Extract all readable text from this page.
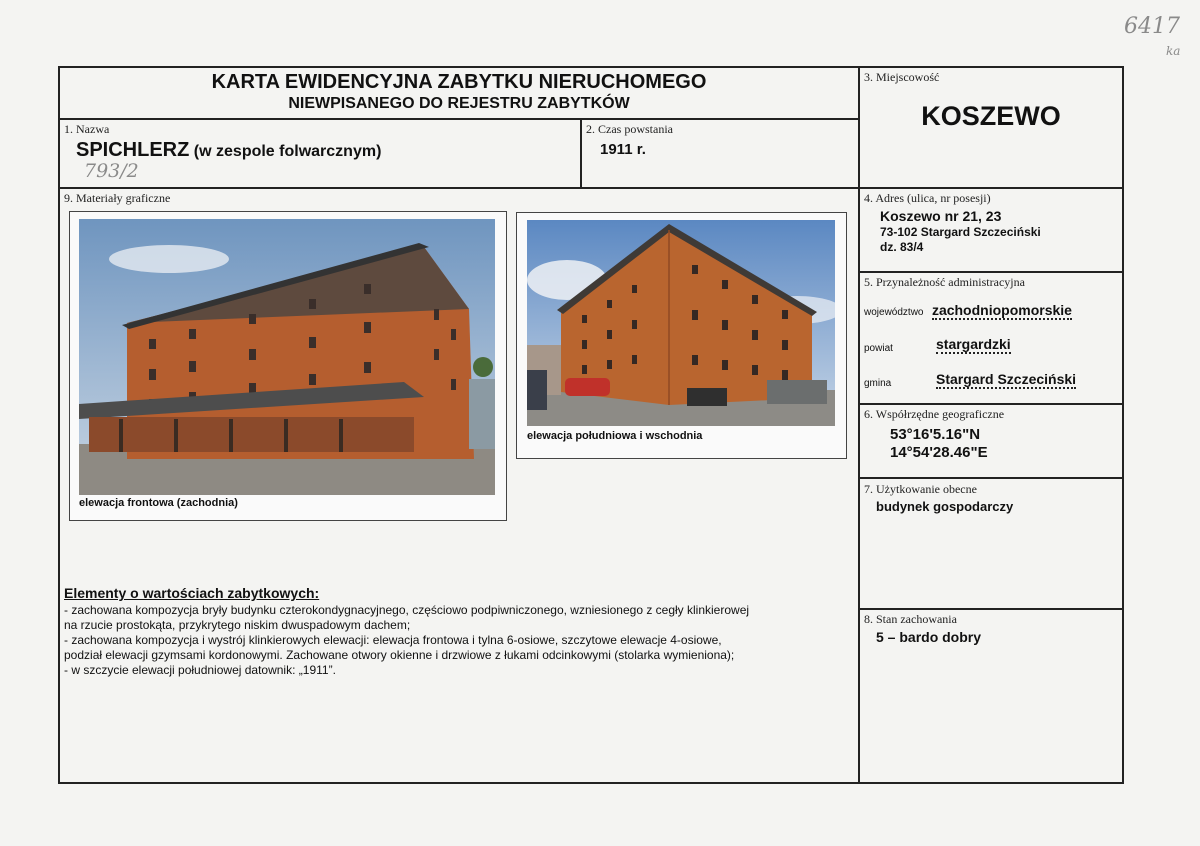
6417
ka
KARTA EWIDENCYJNA ZABYTKU NIERUCHOMEGO
NIEWPISANEGO DO REJESTRU ZABYTKÓW
1. Nazwa
SPICHLERZ (w zespole folwarcznym)
793/2
2. Czas powstania
1911 r.
3. Miejscowość
KOSZEWO
4. Adres (ulica, nr posesji)
Koszewo nr 21, 23
73-102 Stargard Szczeciński
dz. 83/4
5. Przynależność administracyjna
województwo zachodniopomorskie
powiat	stargardzki
gmina	Stargard Szczeciński
6. Współrzędne geograficzne
53°16'5.16"N
14°54'28.46"E
7. Użytkowanie obecne
budynek gospodarczy
8. Stan zachowania
5 – bardo dobry
9. Materiały graficzne
elewacja frontowa (zachodnia)
elewacja południowa i wschodnia
Elementy o wartościach zabytkowych:

- zachowana kompozycja bryły budynku czterokondygnacyjnego, częściowo podpiwniczonego, wzniesionego z cegły klinkierowej

na rzucie prostokąta, przykrytego niskim dwuspadowym dachem;

- zachowana kompozycja i wystrój klinkierowych elewacji: elewacja frontowa i tylna 6-osiowe, szczytowe elewacje 4-osiowe,

podział elewacji gzymsami kordonowymi. Zachowane otwory okienne i drzwiowe z łukami odcinkowymi (stolarka wymieniona);

- w szczycie elewacji południowej datownik: „1911”.
